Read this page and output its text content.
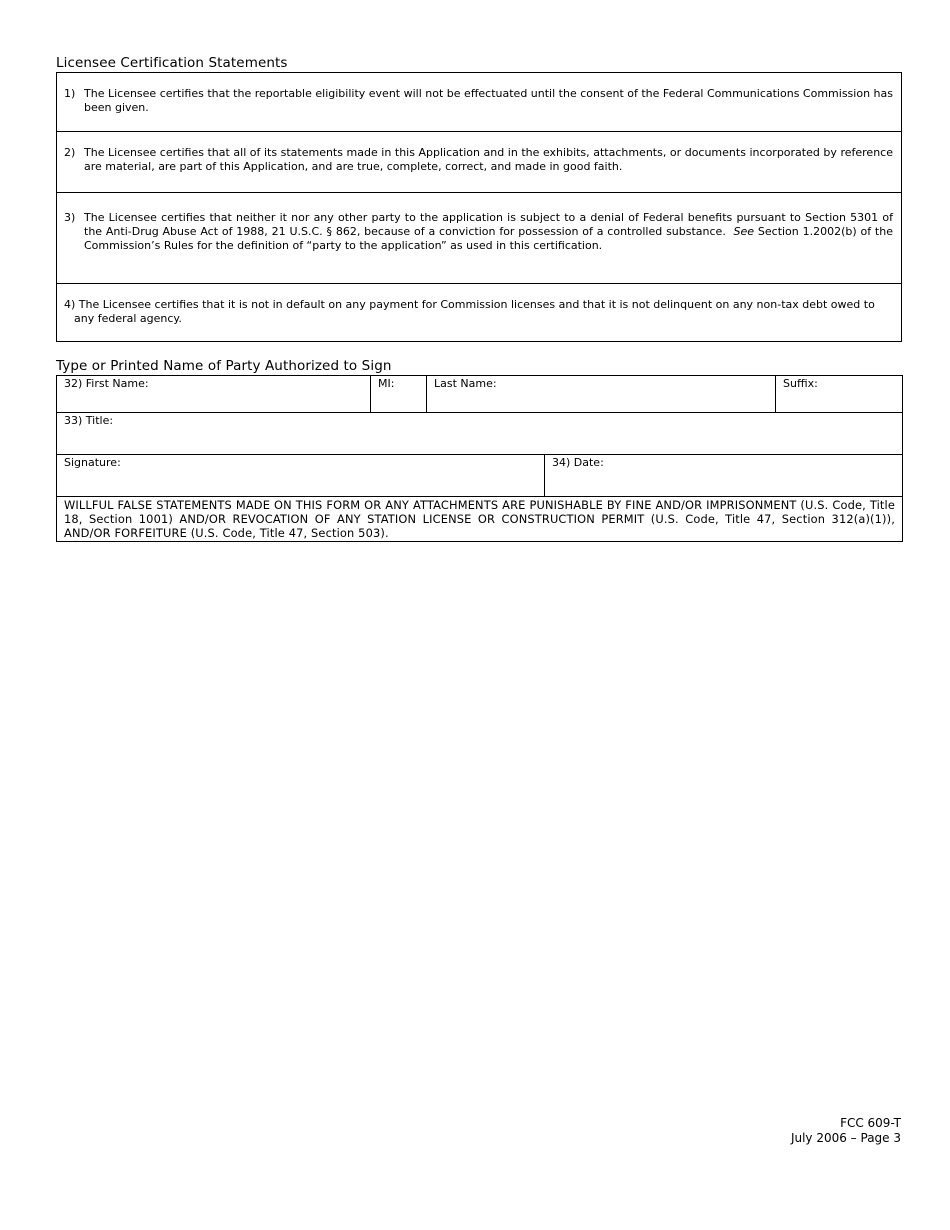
Licensee Certification Statements
1) The Licensee certifies that the reportable eligibility event will not be effectuated until the consent of the Federal Communications Commission has been given.
2) The Licensee certifies that all of its statements made in this Application and in the exhibits, attachments, or documents incorporated by reference are material, are part of this Application, and are true, complete, correct, and made in good faith.
3) The Licensee certifies that neither it nor any other party to the application is subject to a denial of Federal benefits pursuant to Section 5301 of the Anti-Drug Abuse Act of 1988, 21 U.S.C. § 862, because of a conviction for possession of a controlled substance. See Section 1.2002(b) of the Commission’s Rules for the definition of “party to the application” as used in this certification.
4) The Licensee certifies that it is not in default on any payment for Commission licenses and that it is not delinquent on any non-tax debt owed to
any federal agency.
Type or Printed Name of Party Authorized to Sign
32) First Name:	MI:	Last Name:		Suffix:

33) Title:				

Signature:			34) Date:	

WILLFUL FALSE STATEMENTS MADE ON THIS FORM OR ANY ATTACHMENTS ARE PUNISHABLE BY FINE AND/OR IMPRISONMENT (U.S. Code, Title 18, Section 1001) AND/OR REVOCATION OF ANY STATION LICENSE OR CONSTRUCTION PERMIT (U.S. Code, Title 47, Section 312(a)(1)), AND/OR FORFEITURE (U.S. Code, Title 47, Section 503).				
FCC 609-T
July 2006 – Page 3
